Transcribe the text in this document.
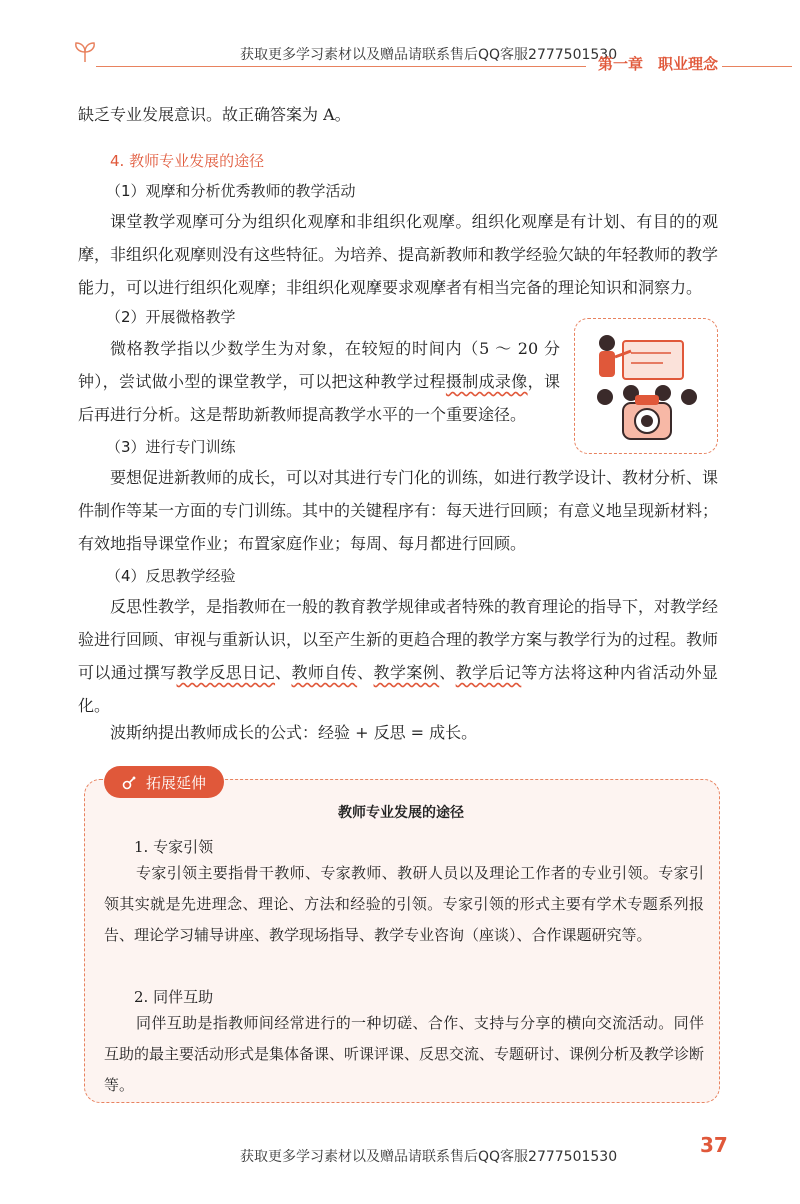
获取更多学习素材以及赠品请联系售后QQ客服2777501530
第一章　职业理念

缺乏专业发展意识。故正确答案为 A。

4. 教师专业发展的途径
（1）观摩和分析优秀教师的教学活动

课堂教学观摩可分为组织化观摩和非组织化观摩。组织化观摩是有计划、有目的的观摩，非组织化观摩则没有这些特征。为培养、提高新教师和教学经验欠缺的年轻教师的教学能力，可以进行组织化观摩；非组织化观摩要求观摩者有相当完备的理论知识和洞察力。

（2）开展微格教学

微格教学指以少数学生为对象，在较短的时间内（5 ～ 20 分钟），尝试做小型的课堂教学，可以把这种教学过程摄制成录像，课后再进行分析。这是帮助新教师提高教学水平的一个重要途径。

（3）进行专门训练

要想促进新教师的成长，可以对其进行专门化的训练，如进行教学设计、教材分析、课件制作等某一方面的专门训练。其中的关键程序有：每天进行回顾；有意义地呈现新材料；有效地指导课堂作业；布置家庭作业；每周、每月都进行回顾。

（4）反思教学经验

反思性教学，是指教师在一般的教育教学规律或者特殊的教育理论的指导下，对教学经验进行回顾、审视与重新认识，以至产生新的更趋合理的教学方案与教学行为的过程。教师可以通过撰写教学反思日记、教师自传、教学案例、教学后记等方法将这种内省活动外显化。

波斯纳提出教师成长的公式：经验 + 反思 = 成长。

拓展延伸
教师专业发展的途径
1. 专家引领

专家引领主要指骨干教师、专家教师、教研人员以及理论工作者的专业引领。专家引领其实就是先进理念、理论、方法和经验的引领。专家引领的形式主要有学术专题系列报告、理论学习辅导讲座、教学现场指导、教学专业咨询（座谈）、合作课题研究等。

2. 同伴互助

同伴互助是指教师间经常进行的一种切磋、合作、支持与分享的横向交流活动。同伴互助的最主要活动形式是集体备课、听课评课、反思交流、专题研讨、课例分析及教学诊断等。

获取更多学习素材以及赠品请联系售后QQ客服2777501530	37
